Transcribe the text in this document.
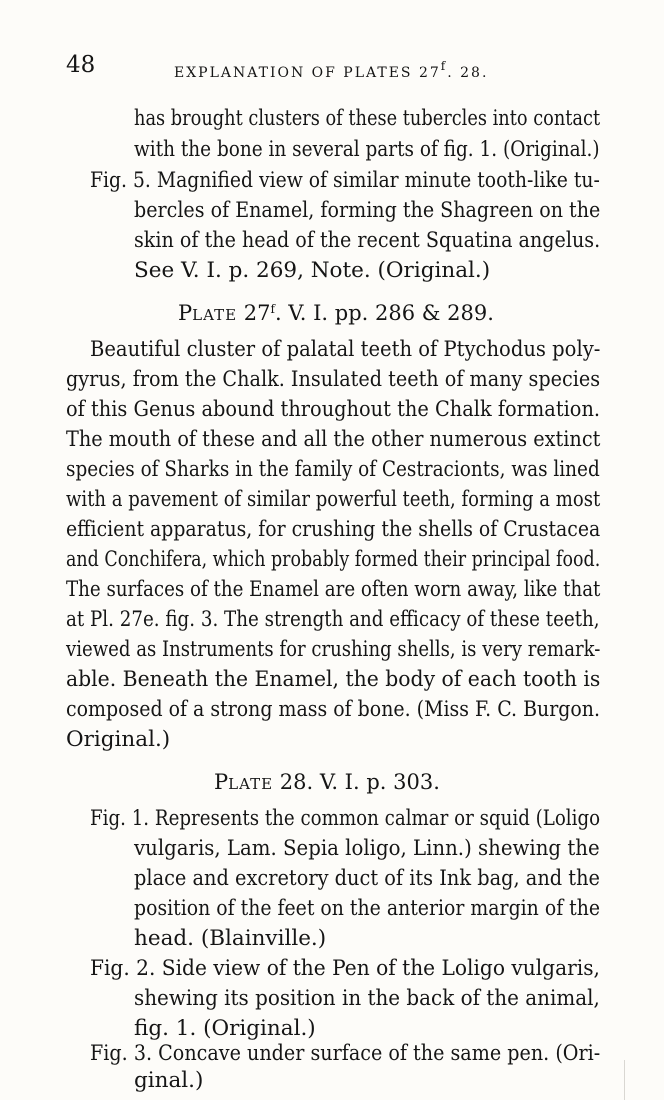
48	EXPLANATION OF PLATES 27$^f$. 28.
has brought clusters of these tubercles into contact
with the bone in several parts of fig. 1. (Original.)
Fig. 5. Magnified view of similar minute tooth-like tu-
bercles of Enamel, forming the Shagreen on the
skin of the head of the recent Squatina angelus.
See V. I. p. 269, Note. (Original.)
PLATE 27$^f$. V. I. pp. 286 & 289.
Beautiful cluster of palatal teeth of Ptychodus poly-
gyrus, from the Chalk. Insulated teeth of many species
of this Genus abound throughout the Chalk formation.
The mouth of these and all the other numerous extinct
species of Sharks in the family of Cestracionts, was lined
with a pavement of similar powerful teeth, forming a most
efficient apparatus, for crushing the shells of Crustacea
and Conchifera, which probably formed their principal food.
The surfaces of the Enamel are often worn away, like that
at Pl. 27e. fig. 3. The strength and efficacy of these teeth,
viewed as Instruments for crushing shells, is very remark-
able. Beneath the Enamel, the body of each tooth is
composed of a strong mass of bone. (Miss F. C. Burgon.
Original.)
PLATE 28. V. I. p. 303.
Fig. 1. Represents the common calmar or squid (Loligo
vulgaris, Lam. Sepia loligo, Linn.) shewing the
place and excretory duct of its Ink bag, and the
position of the feet on the anterior margin of the
head. (Blainville.)
Fig. 2. Side view of the Pen of the Loligo vulgaris,
shewing its position in the back of the animal,
fig. 1. (Original.)
Fig. 3. Concave under surface of the same pen. (Ori-
ginal.)
